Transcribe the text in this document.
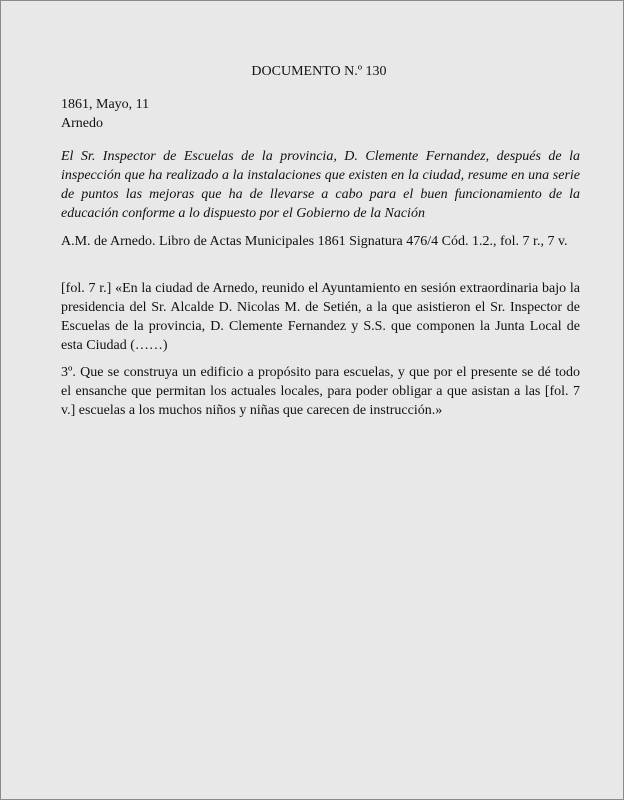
DOCUMENTO N.º 130
1861, Mayo, 11
Arnedo
El Sr. Inspector de Escuelas de la provincia, D. Clemente Fernandez, después de la inspección que ha realizado a la instalaciones que existen en la ciudad, resume en una serie de puntos las mejoras que ha de llevarse a cabo para el buen funcionamiento de la educación conforme a lo dispuesto por el Gobierno de la Nación
A.M. de Arnedo. Libro de Actas Municipales 1861 Signatura 476/4 Cód. 1.2., fol. 7 r., 7 v.
[fol. 7 r.] «En la ciudad de Arnedo, reunido el Ayuntamiento en sesión extraordinaria bajo la presidencia del Sr. Alcalde D. Nicolas M. de Setién, a la que asistieron el Sr. Inspector de Escuelas de la provincia, D. Clemente Fernandez y S.S. que componen la Junta Local de esta Ciudad (……)
3º. Que se construya un edificio a propósito para escuelas, y que por el presente se dé todo el ensanche que permitan los actuales locales, para poder obligar a que asistan a las [fol. 7 v.] escuelas a los muchos niños y niñas que carecen de instrucción.»
